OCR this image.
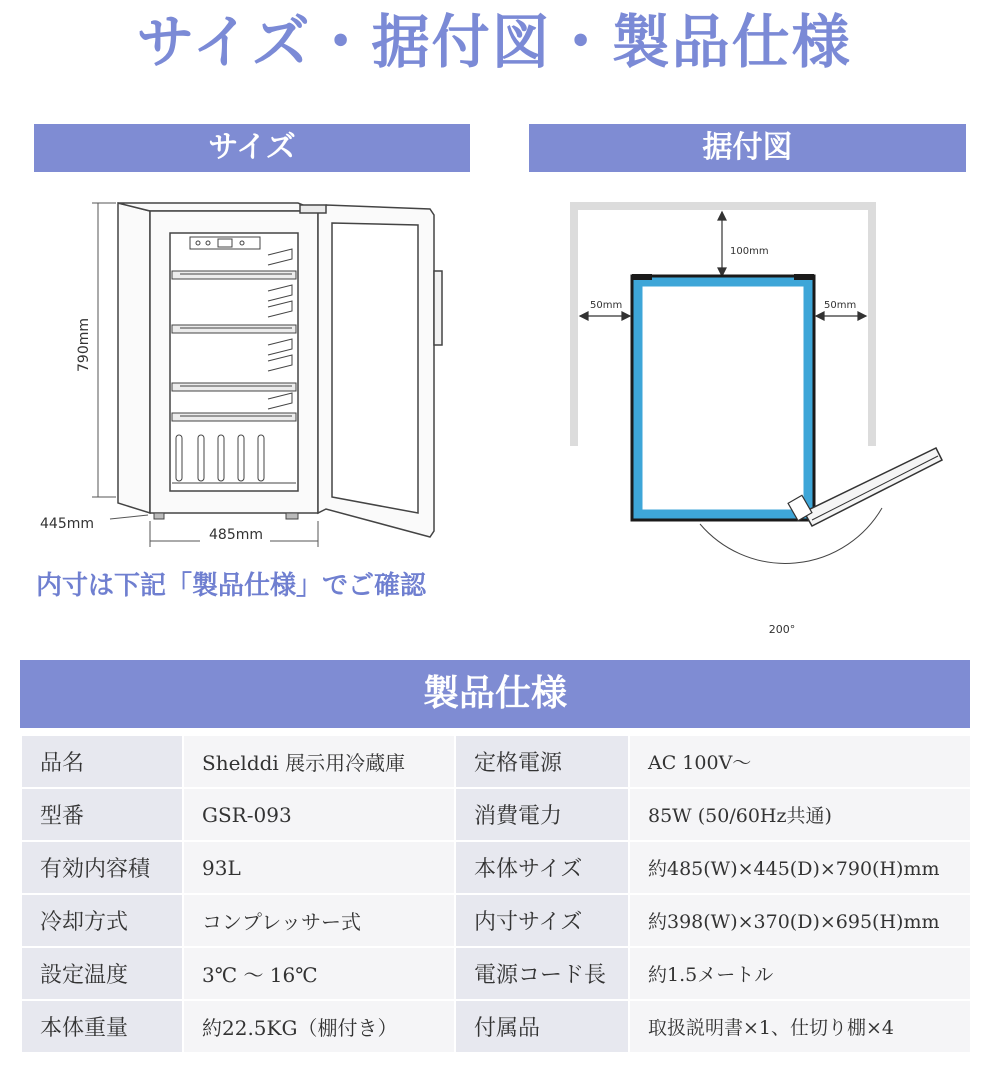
サイズ・据付図・製品仕様
サイズ	据付図
790mm
485mm
445mm
内寸は下記「製品仕様」でご確認
100mm
50mm	50mm
200°
製品仕様
品名	Shelddi 展示用冷蔵庫	定格電源	AC 100V～
型番	GSR-093	消費電力	85W (50/60Hz共通)
有効内容積	93L	本体サイズ	約485(W)×445(D)×790(H)mm
冷却方式	コンプレッサー式	内寸サイズ	約398(W)×370(D)×695(H)mm
設定温度	3℃ ～ 16℃	電源コード長	約1.5メートル
本体重量	約22.5KG（棚付き）	付属品	取扱説明書×1、仕切り棚×4
